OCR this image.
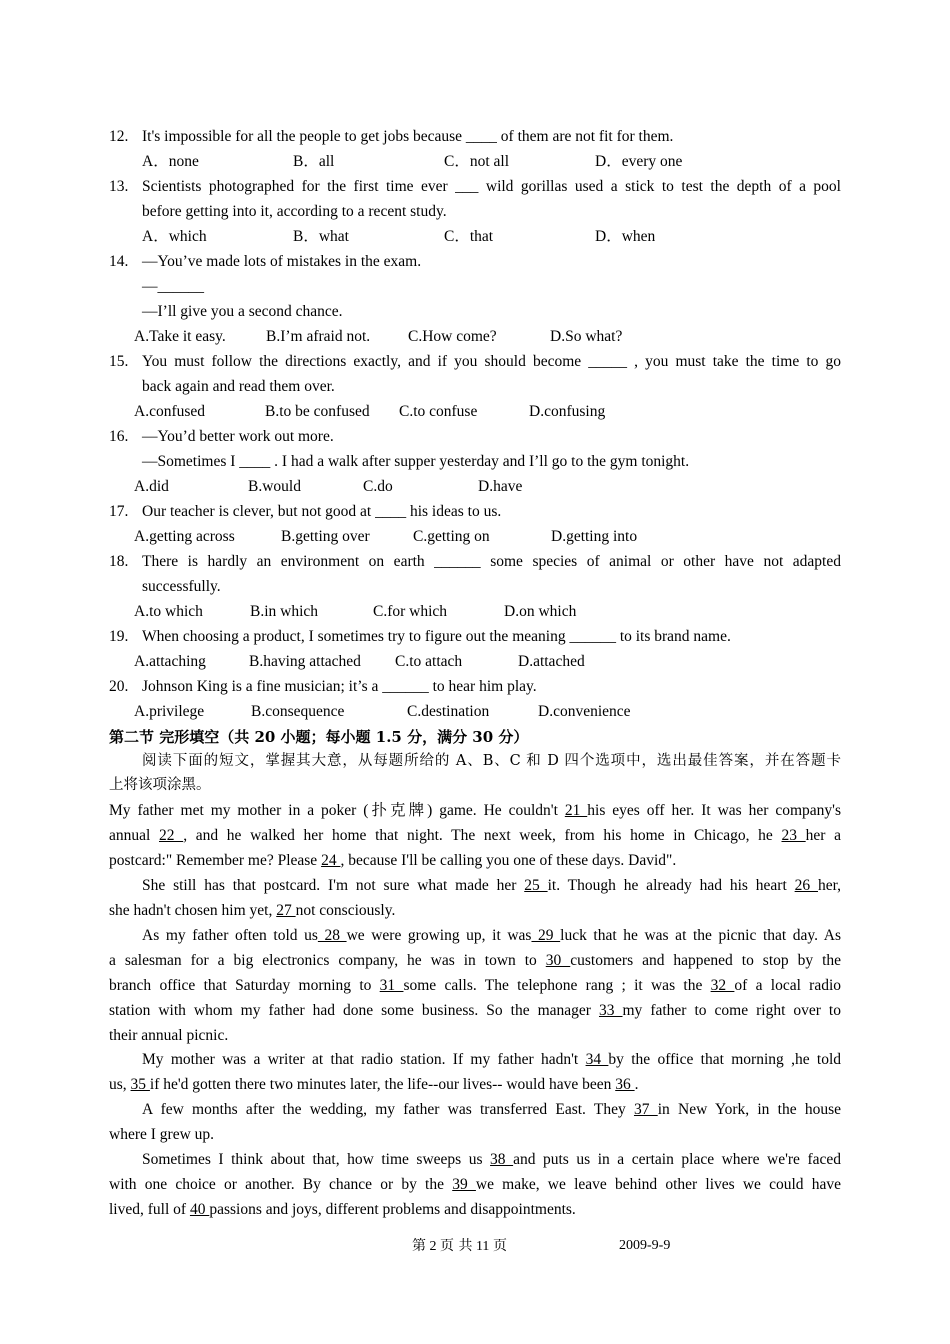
12. It's impossible for all the people to get jobs because ____ of them are not fit for them.
A．none	B．all	C．not all	D．every one
13. Scientists photographed for the first time ever ___ wild gorillas used a stick to test the depth of a pool
before getting into it, according to a recent study.
A．which	B．what	C．that	D．when
14. —You’ve made lots of mistakes in the exam.
—______
—I’ll give you a second chance.
A.Take it easy.	B.I’m afraid not. C.How come?	D.So what?
15. You must follow the directions exactly, and if you should become _____ , you must take the time to go
back again and read them over.
A.confused	B.to be confused C.to confuse	D.confusing
16. —You’d better work out more.
—Sometimes I ____ . I had a walk after supper yesterday and I’ll go to the gym tonight.
A.did	B.would	C.do	D.have
17. Our teacher is clever, but not good at ____ his ideas to us.
A.getting across	B.getting over	C.getting on	D.getting into
18. There is hardly an environment on earth ______ some species of animal or other have not adapted
successfully.
A.to which	B.in which	C.for which	D.on which
19. When choosing a product, I sometimes try to figure out the meaning ______ to its brand name.
A.attaching	B.having attached C.to attach	D.attached
20. Johnson King is a fine musician; it’s a ______ to hear him play.
A.privilege	B.consequence	C.destination	D.convenience
第二节 完形填空（共 20 小题；每小题 1.5 分，满分 30 分）
阅读下面的短文，掌握其大意，从每题所给的 A、B、C 和 D 四个选项中，选出最佳答案，并在答题卡
上将该项涂黑。
My father met my mother in a poker (扑克牌) game. He couldn't 21 his eyes off her. It was her company's
annual 22 , and he walked her home that night. The next week, from his home in Chicago, he 23 her a
postcard:" Remember me? Please 24 , because I'll be calling you one of these days. David".
She still has that postcard. I'm not sure what made her 25 it. Though he already had his heart 26 her,
she hadn't chosen him yet, 27 not consciously.
As my father often told us 28 we were growing up, it was 29 luck that he was at the picnic that day. As
a salesman for a big electronics company, he was in town to 30 customers and happened to stop by the
branch office that Saturday morning to 31 some calls. The telephone rang ; it was the 32 of a local radio
station with whom my father had done some business. So the manager 33 my father to come right over to
their annual picnic.
My mother was a writer at that radio station. If my father hadn't 34 by the office that morning ,he told
us, 35 if he'd gotten there two minutes later, the life--our lives-- would have been 36 .
A few months after the wedding, my father was transferred East. They 37 in New York, in the house
where I grew up.
Sometimes I think about that, how time sweeps us 38 and puts us in a certain place where we're faced
with one choice or another. By chance or by the 39 we make, we leave behind other lives we could have
lived, full of 40 passions and joys, different problems and disappointments.
第 2 页 共 11 页	2009-9-9
